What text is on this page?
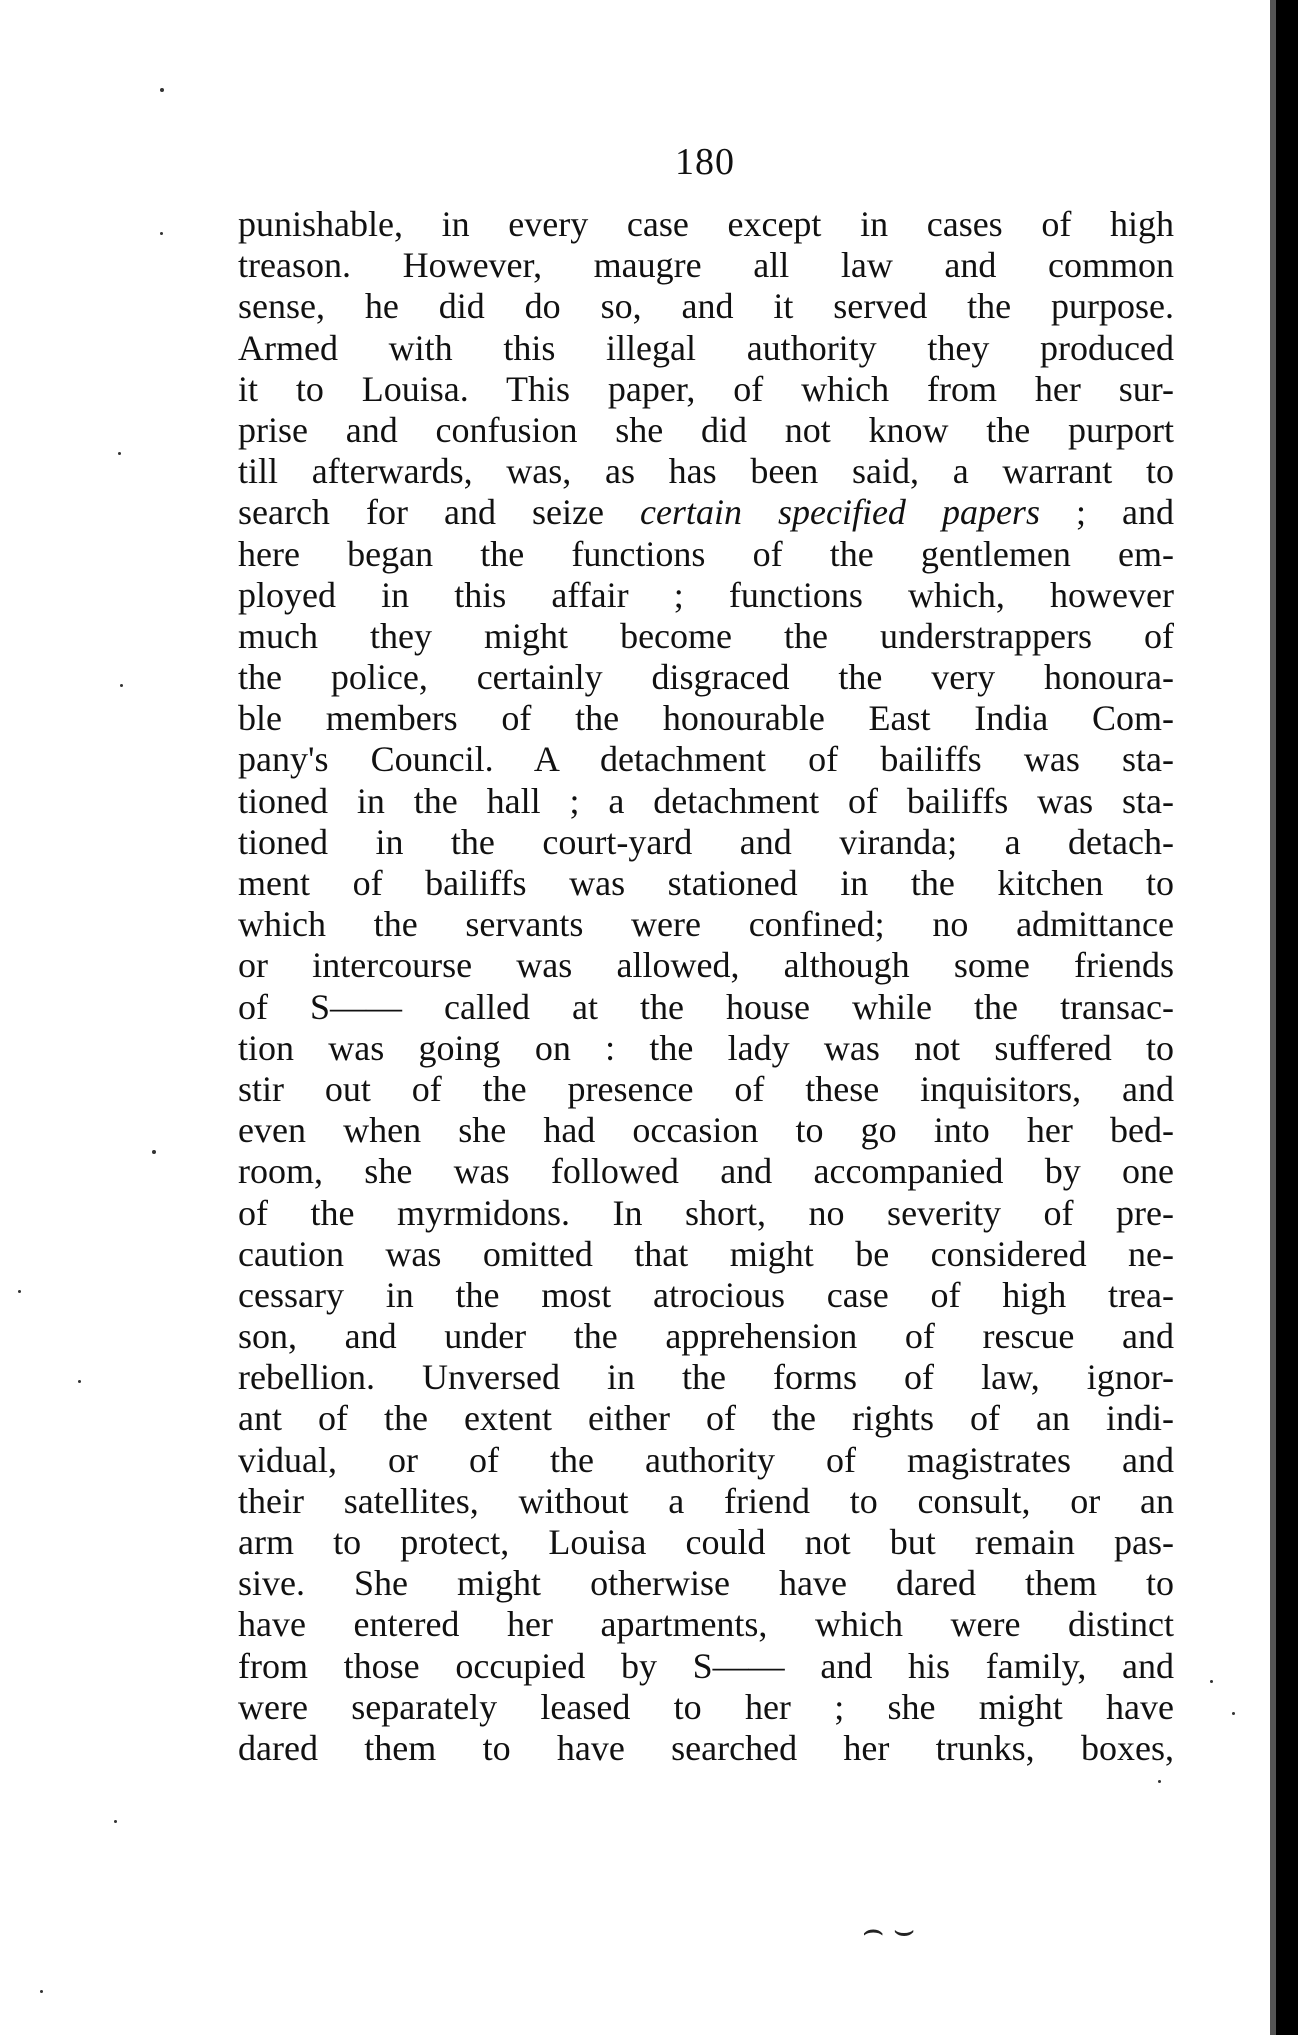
180
punishable, in every case except in cases of high
treason. However, maugre all law and common
sense, he did do so, and it served the purpose.
Armed with this illegal authority they produced
it to Louisa. This paper, of which from her sur-
prise and confusion she did not know the purport
till afterwards, was, as has been said, a warrant to
search for and seize certain specified papers ; and
here began the functions of the gentlemen em-
ployed in this affair ; functions which, however
much they might become the understrappers of
the police, certainly disgraced the very honoura-
ble members of the honourable East India Com-
pany's Council. A detachment of bailiffs was sta-
tioned in the hall ; a detachment of bailiffs was sta-
tioned in the court-yard and viranda; a detach-
ment of bailiffs was stationed in the kitchen to
which the servants were confined; no admittance
or intercourse was allowed, although some friends
of S—— called at the house while the transac-
tion was going on : the lady was not suffered to
stir out of the presence of these inquisitors, and
even when she had occasion to go into her bed-
room, she was followed and accompanied by one
of the myrmidons. In short, no severity of pre-
caution was omitted that might be considered ne-
cessary in the most atrocious case of high trea-
son, and under the apprehension of rescue and
rebellion. Unversed in the forms of law, ignor-
ant of the extent either of the rights of an indi-
vidual, or of the authority of magistrates and
their satellites, without a friend to consult, or an
arm to protect, Louisa could not but remain pas-
sive. She might otherwise have dared them to
have entered her apartments, which were distinct
from those occupied by S—— and his family, and
were separately leased to her ; she might have
dared them to have searched her trunks, boxes,
⌢ ⌣
